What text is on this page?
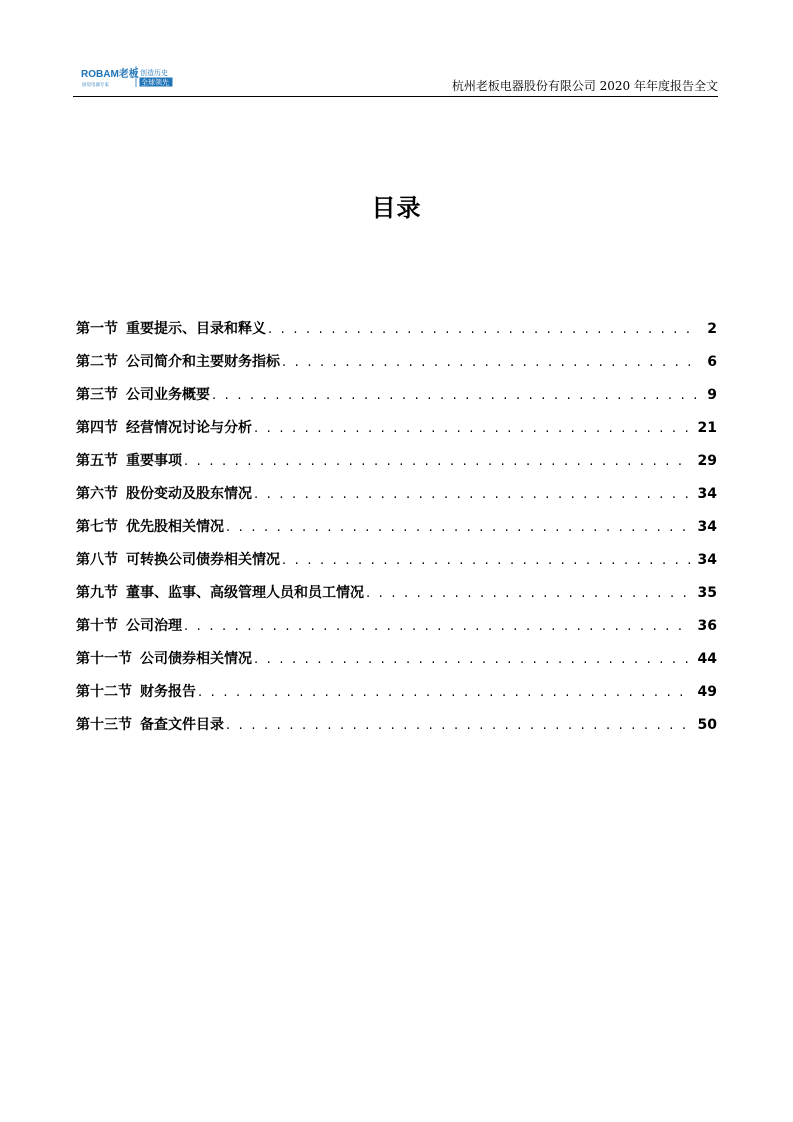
ROBAM老板
厨房电器专家
创造历史
全球领先	杭州老板电器股份有限公司 2020 年年度报告全文
目录
第一节 重要提示、目录和释义 . . .	2
第二节 公司简介和主要财务指标 . . .	6
第三节 公司业务概要 . . .	9
第四节 经营情况讨论与分析 . . .	21
第五节 重要事项 . . .	29
第六节 股份变动及股东情况 . . .	34
第七节 优先股相关情况 . . .	34
第八节 可转换公司债券相关情况 . . .	34
第九节 董事、监事、高级管理人员和员工情况 . . .	35
第十节 公司治理 . . .	36
第十一节 公司债券相关情况 . . .	44
第十二节 财务报告 . . .	49
第十三节 备查文件目录 . . .	50
